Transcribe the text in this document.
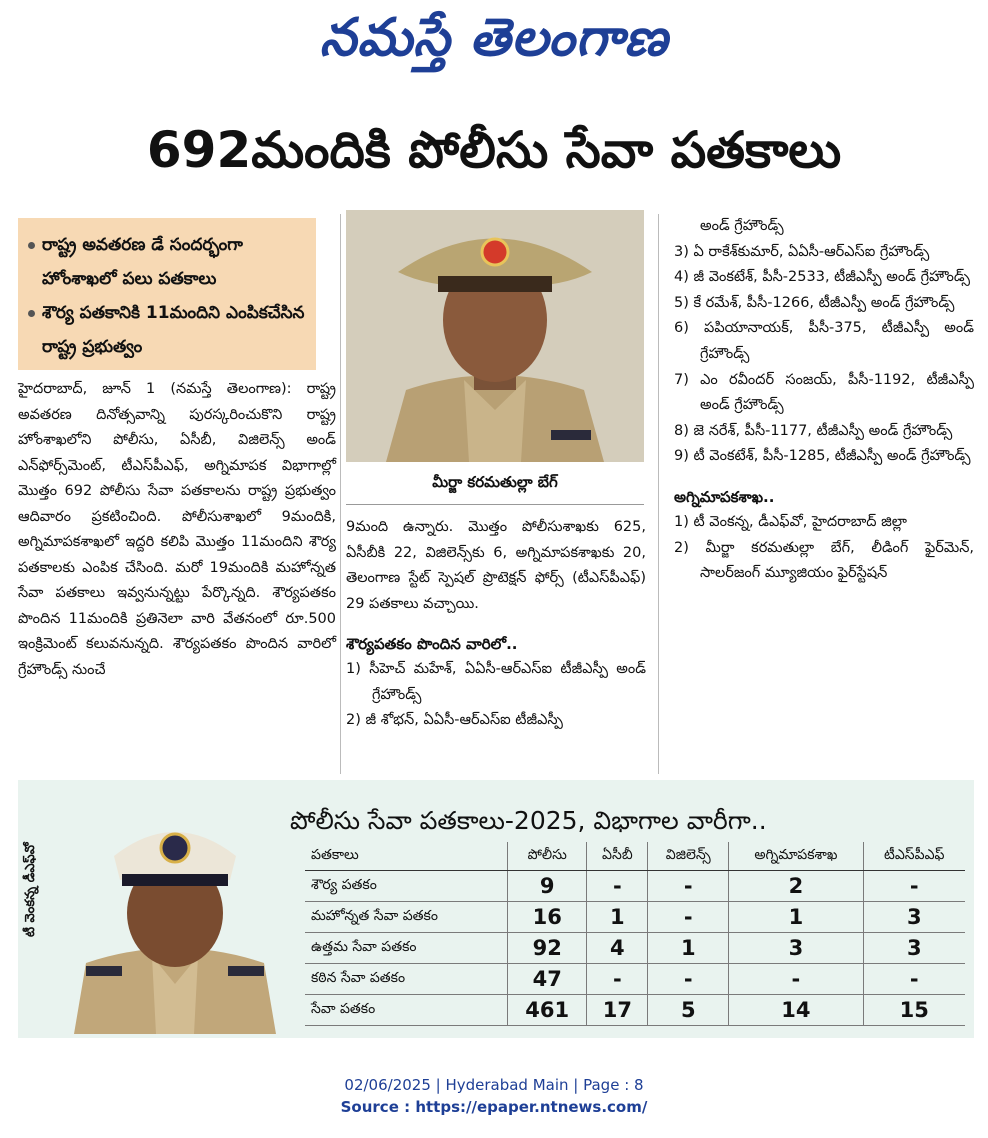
నమస్తే తెలంగాణ
692మందికి పోలీసు సేవా పతకాలు
రాష్ట్ర అవతరణ డే సందర్భంగా హోంశాఖలో పలు పతకాలు
శౌర్య పతకానికి 11మందిని ఎంపికచేసిన రాష్ట్ర ప్రభుత్వం
హైదరాబాద్, జూన్ 1 (నమస్తే తెలంగాణ): రాష్ట్ర అవతరణ దినోత్సవాన్ని పురస్కరించుకొని రాష్ట్ర హోంశాఖలోని పోలీసు, ఏసీబీ, విజిలెన్స్ అండ్ ఎన్‌ఫోర్స్‌మెంట్, టీఎస్‌పీఎఫ్, అగ్నిమాపక విభాగాల్లో మొత్తం 692 పోలీసు సేవా పతకాలను రాష్ట్ర ప్రభుత్వం ఆదివారం ప్రకటించింది. పోలీసుశాఖలో 9మందికి, అగ్నిమాపకశాఖలో ఇద్దరి కలిపి మొత్తం 11మందిని శౌర్య పతకాలకు ఎంపిక చేసింది. మరో 19మందికి మహోన్నత సేవా పతకాలు ఇవ్వనున్నట్టు పేర్కొన్నది. శౌర్యపతకం పొందిన 11మందికి ప్రతినెలా వారి వేతనంలో రూ.500 ఇంక్రిమెంట్ కలువనున్నది. శౌర్యపతకం పొందిన వారిలో గ్రేహౌండ్స్ నుంచే
మీర్జా కరమతుల్లా బేగ్
9మంది ఉన్నారు. మొత్తం పోలీసుశాఖకు 625, ఏసీబీకి 22, విజిలెన్స్‌కు 6, అగ్నిమాపకశాఖకు 20, తెలంగాణ స్టేట్ స్పెషల్ ప్రొటెక్షన్ ఫోర్స్ (టీఎస్‌పీఎఫ్) 29 పతకాలు వచ్చాయి.
శౌర్యపతకం పొందిన వారిలో..
1) సీహెచ్ మహేశ్, ఏఏసీ-ఆర్‌ఎస్ఐ టీజీఎస్పీ అండ్ గ్రేహౌండ్స్
2) జీ శోభన్, ఏఏసీ-ఆర్‌ఎస్ఐ టీజీఎస్పీ
అండ్ గ్రేహౌండ్స్
3) ఏ రాకేశ్‌కుమార్, ఏఏసీ-ఆర్‌ఎస్ఐ గ్రేహౌండ్స్
4) జీ వెంకటేశ్, పీసీ-2533, టీజీఎస్పీ అండ్ గ్రేహౌండ్స్
5) కే రమేశ్, పీసీ-1266, టీజీఎస్పీ అండ్ గ్రేహౌండ్స్
6) పపియానాయక్, పీసీ-375, టీజీఎస్పీ అండ్ గ్రేహౌండ్స్
7) ఎం రవీందర్ సంజయ్, పీసీ-1192, టీజీఎస్పీ అండ్ గ్రేహౌండ్స్
8) జె నరేశ్, పీసీ-1177, టీజీఎస్పీ అండ్ గ్రేహౌండ్స్
9) టీ వెంకటేశ్, పీసీ-1285, టీజీఎస్పీ అండ్ గ్రేహౌండ్స్
అగ్నిమాపకశాఖ..
1) టీ వెంకన్న, డీఎఫ్‌వో, హైదరాబాద్ జిల్లా
2) మీర్జా కరమతుల్లా బేగ్, లీడింగ్ ఫైర్‌మెన్, సాలర్‌జంగ్ మ్యూజియం ఫైర్‌స్టేషన్
టీ వెంకన్న డీఎఫ్‌వో
పోలీసు సేవా పతకాలు-2025, విభాగాల వారీగా..
పతకాలు	పోలీసు	ఏసీబీ	విజిలెన్స్	అగ్నిమాపకశాఖ	టీఎస్‌పీఎఫ్
శౌర్య పతకం	9	-	-	2	-
మహోన్నత సేవా పతకం	16	1	-	1	3
ఉత్తమ సేవా పతకం	92	4	1	3	3
కఠిన సేవా పతకం	47	-	-	-	-
సేవా పతకం	461	17	5	14	15
02/06/2025 | Hyderabad Main | Page : 8
Source : https://epaper.ntnews.com/
